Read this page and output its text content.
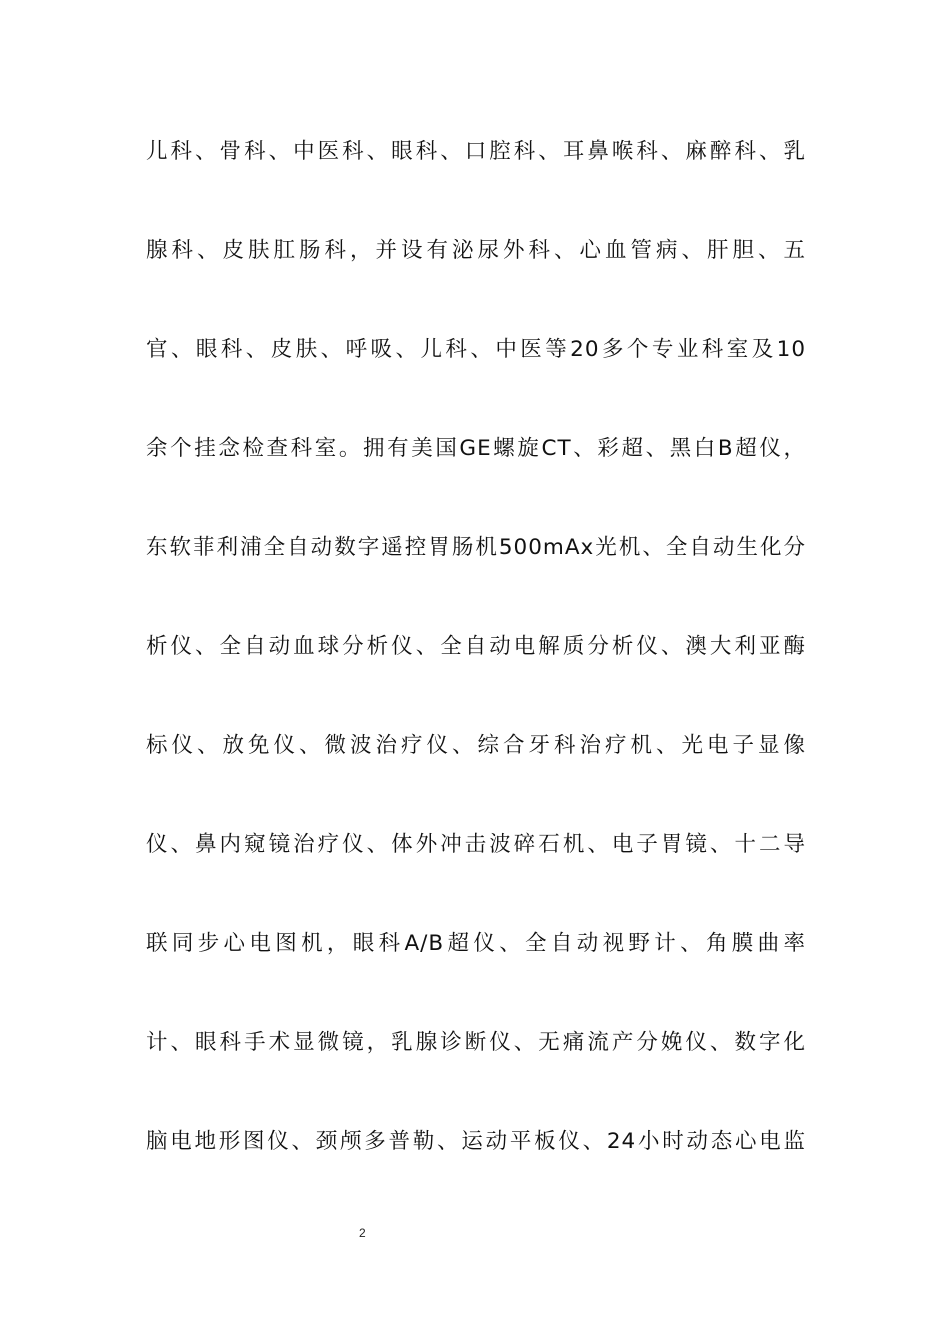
儿科、骨科、中医科、眼科、口腔科、耳鼻喉科、麻醉科、乳
腺科、皮肤肛肠科，并设有泌尿外科、心血管病、肝胆、五
官、眼科、皮肤、呼吸、儿科、中医等20多个专业科室及10
余个挂念检查科室。拥有美国GE螺旋CT、彩超、黑白B超仪，
东软菲利浦全自动数字遥控胃肠机500mAx光机、全自动生化分
析仪、全自动血球分析仪、全自动电解质分析仪、澳大利亚酶
标仪、放免仪、微波治疗仪、综合牙科治疗机、光电子显像
仪、鼻内窥镜治疗仪、体外冲击波碎石机、电子胃镜、十二导
联同步心电图机，眼科A/B超仪、全自动视野计、角膜曲率
计、眼科手术显微镜，乳腺诊断仪、无痛流产分娩仪、数字化
脑电地形图仪、颈颅多普勒、运动平板仪、24小时动态心电监
2
